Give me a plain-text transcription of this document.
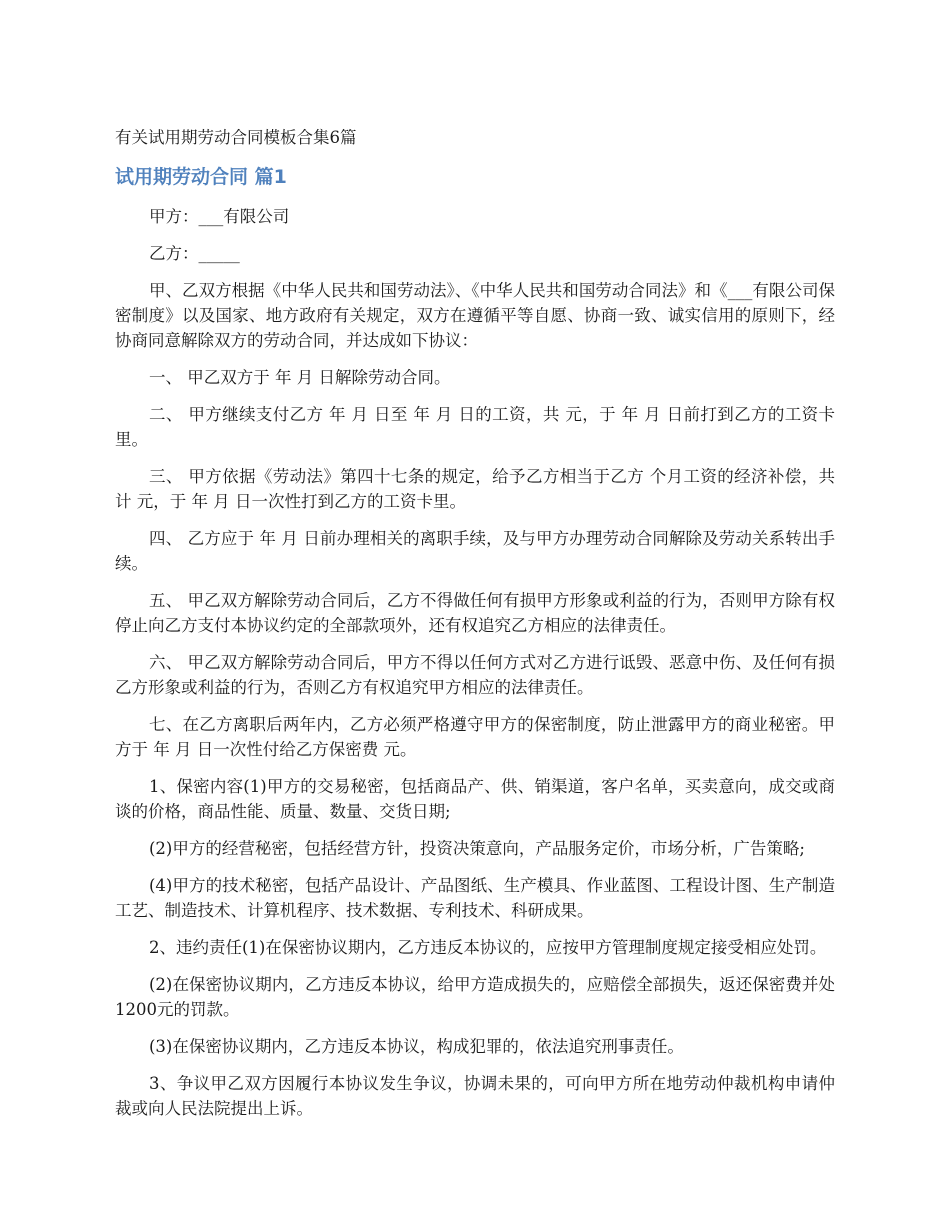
有关试用期劳动合同模板合集6篇
试用期劳动合同 篇1

甲方：___有限公司

乙方：_____

甲、乙双方根据《中华人民共和国劳动法》、《中华人民共和国劳动合同法》和《___有限公司保密制度》以及国家、地方政府有关规定，双方在遵循平等自愿、协商一致、诚实信用的原则下，经协商同意解除双方的劳动合同，并达成如下协议：

一、 甲乙双方于 年 月 日解除劳动合同。

二、 甲方继续支付乙方 年 月 日至 年 月 日的工资，共 元，于 年 月 日前打到乙方的工资卡里。

三、 甲方依据《劳动法》第四十七条的规定，给予乙方相当于乙方 个月工资的经济补偿，共计 元，于 年 月 日一次性打到乙方的工资卡里。

四、 乙方应于 年 月 日前办理相关的离职手续，及与甲方办理劳动合同解除及劳动关系转出手续。

五、 甲乙双方解除劳动合同后，乙方不得做任何有损甲方形象或利益的行为，否则甲方除有权停止向乙方支付本协议约定的全部款项外，还有权追究乙方相应的法律责任。

六、 甲乙双方解除劳动合同后，甲方不得以任何方式对乙方进行诋毁、恶意中伤、及任何有损乙方形象或利益的行为，否则乙方有权追究甲方相应的法律责任。

七、在乙方离职后两年内，乙方必须严格遵守甲方的保密制度，防止泄露甲方的商业秘密。甲方于 年 月 日一次性付给乙方保密费 元。

1、保密内容(1)甲方的交易秘密，包括商品产、供、销渠道，客户名单，买卖意向，成交或商谈的价格，商品性能、质量、数量、交货日期;

(2)甲方的经营秘密，包括经营方针，投资决策意向，产品服务定价，市场分析，广告策略;

(4)甲方的技术秘密，包括产品设计、产品图纸、生产模具、作业蓝图、工程设计图、生产制造工艺、制造技术、计算机程序、技术数据、专利技术、科研成果。

2、违约责任(1)在保密协议期内，乙方违反本协议的，应按甲方管理制度规定接受相应处罚。

(2)在保密协议期内，乙方违反本协议，给甲方造成损失的，应赔偿全部损失，返还保密费并处1200元的罚款。

(3)在保密协议期内，乙方违反本协议，构成犯罪的，依法追究刑事责任。

3、争议甲乙双方因履行本协议发生争议，协调未果的，可向甲方所在地劳动仲裁机构申请仲裁或向人民法院提出上诉。
